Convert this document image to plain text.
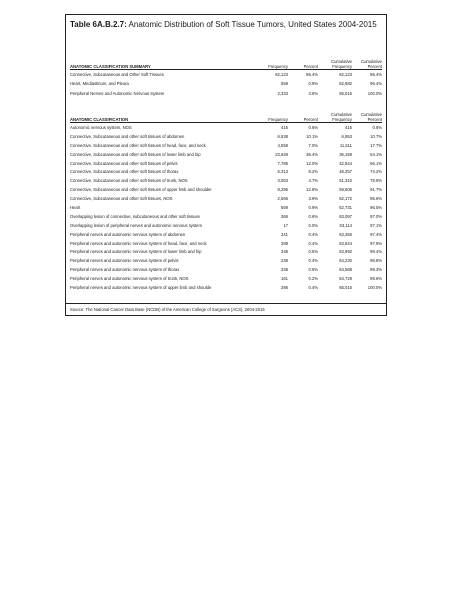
Table 6A.B.2.7: Anatomic Distribution of Soft Tissue Tumors, United States 2004-2015
			Cumulative	Cumulative
ANATOMIC CLASSIFICATION SUMMARY	Frequency	Percent	Frequency	Percent
Connective, Subcutaneous and Other Soft Tissues	62,123	95.4%	62,123	95.4%
Heart, Mediastinum, and Pleura	559	0.9%	62,682	96.4%
Peripheral Nerves and Autonomic Nervous System	2,333	3.6%	65,015	100.0%
			Cumulative	Cumulative
ANATOMIC CLASSIFICATION	Frequency	Percent	Frequency	Percent
Autonomic nervous system, NOS	415	0.6%	415	0.6%
Connective, Subcutaneous and other soft tissues of abdomen	6,538	10.1%	6,953	10.7%
Connective, Subcutaneous and other soft tissues of head, face, and neck	4,558	7.0%	11,511	17.7%
Connective, Subcutaneous and other soft tissues of lower limb and hip	23,648	36.4%	35,159	54.1%
Connective, Subcutaneous and other soft tissues of pelvis	7,785	12.0%	42,944	66.1%
Connective, Subcutaneous and other soft tissues of thorax	5,313	8.2%	48,257	74.2%
Connective, Subcutaneous and other soft tissues of trunk, NOS	3,053	4.7%	51,310	78.9%
Connective, Subcutaneous and other soft tissues of upper limb and shoulder	8,296	12.8%	59,606	91.7%
Connective, Subcutaneous and other soft tissues, NOS	2,566	3.9%	62,172	95.6%
Heart	559	0.9%	62,731	96.5%
Overlapping lesion of connective, subcutaneous and other soft tissues	366	0.6%	63,097	97.0%
Overlapping lesion of peripheral nerves and autonomic nervous system	17	0.0%	63,114	97.1%
Peripheral nerves and autonomic nervous system of abdomen	241	0.4%	63,355	97.4%
Peripheral nerves and autonomic nervous system of head, face, and neck	289	0.4%	63,644	97.9%
Peripheral nerves and autonomic nervous system of lower limb and hip	348	0.5%	63,992	98.4%
Peripheral nerves and autonomic nervous system of pelvis	238	0.4%	64,230	98.8%
Peripheral nerves and autonomic nervous system of thorax	338	0.5%	64,568	99.3%
Peripheral nerves and autonomic nervous system of trunk, NOS	161	0.2%	64,729	99.6%
Peripheral nerves and autonomic nervous system of upper limb and shoulde	286	0.4%	65,015	100.0%
Source: The National Cancer Data Base (NCDB) of the American College of Surgeons (ACS), 2004-2015
